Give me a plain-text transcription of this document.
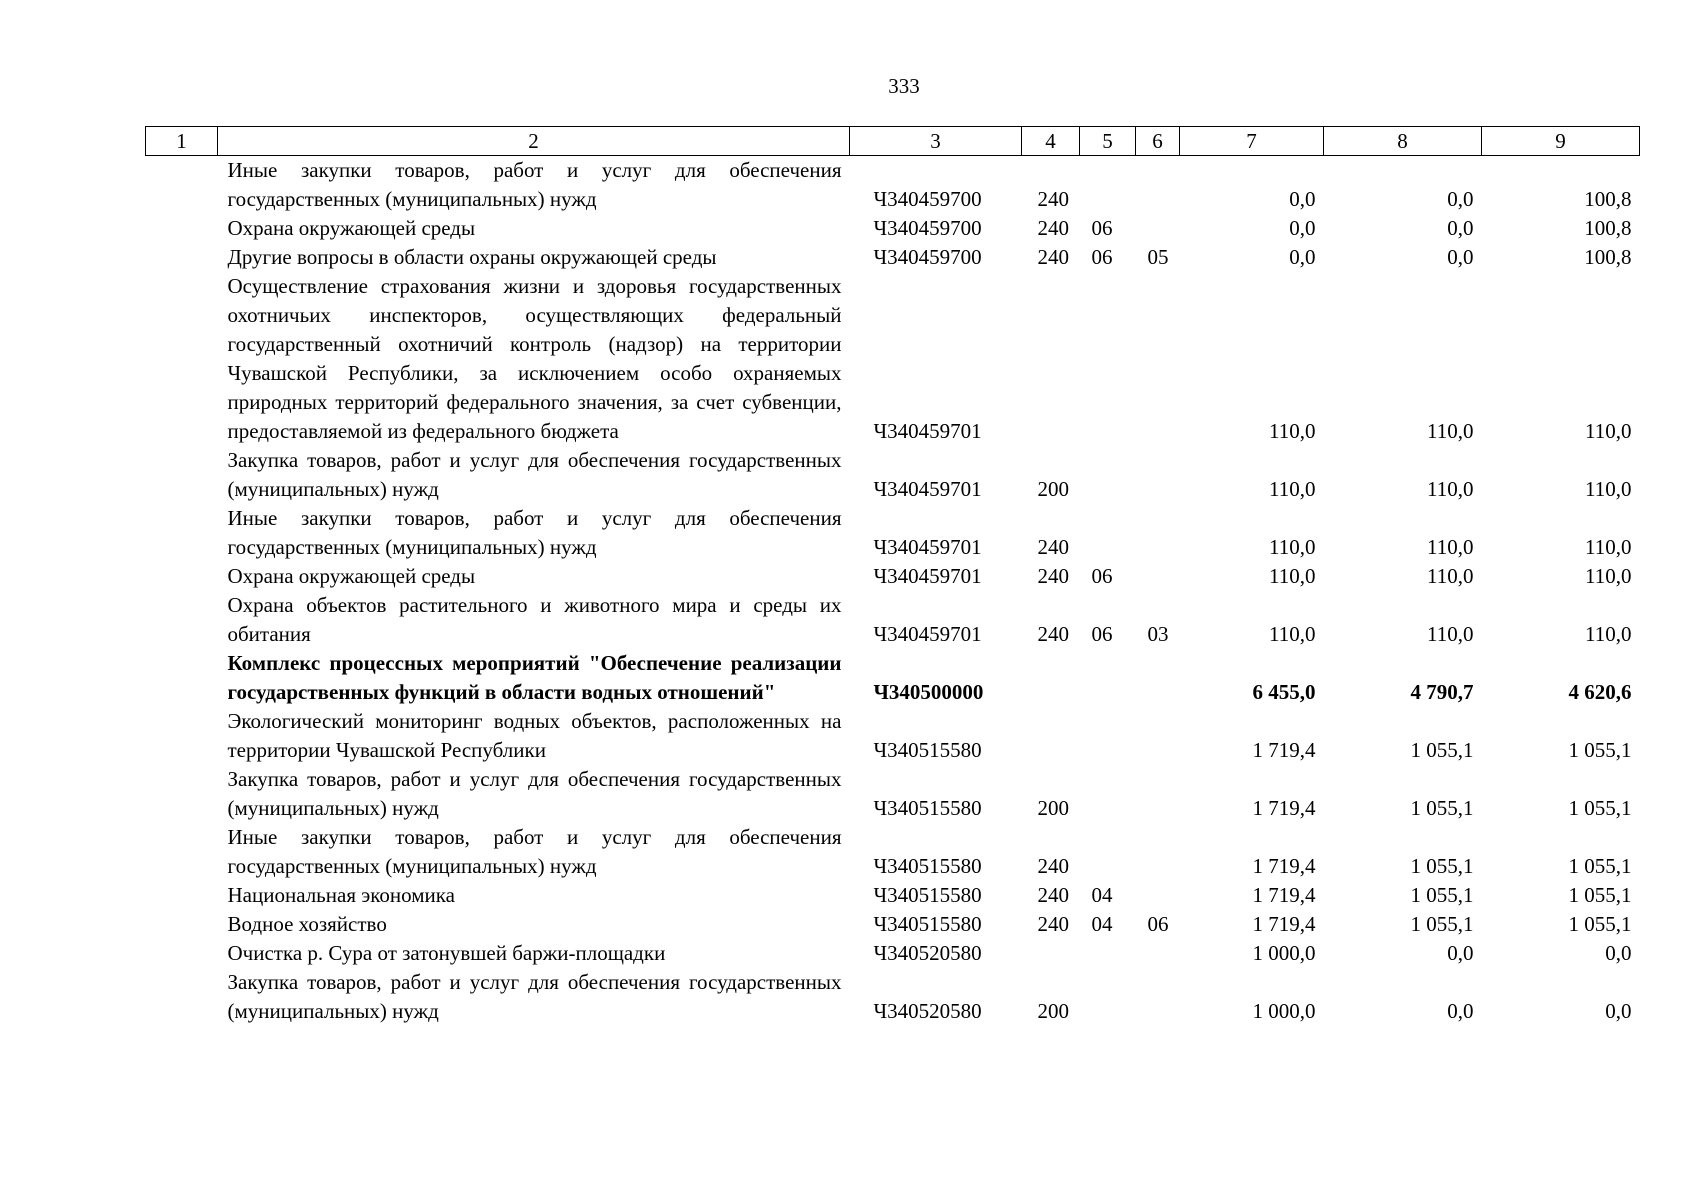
333
1	2	3	4	5	6	7	8	9
	Иные закупки товаров, работ и услуг для обеспечения государственных (муниципальных) нужд	Ч340459700	240			0,0	0,0	100,8
	Охрана окружающей среды	Ч340459700	240	06		0,0	0,0	100,8
	Другие вопросы в области охраны окружающей среды	Ч340459700	240	06	05	0,0	0,0	100,8
	Осуществление страхования жизни и здоровья государственных охотничьих инспекторов, осуществляющих федеральный государственный охотничий контроль (надзор) на территории Чувашской Республики, за исключением особо охраняемых природных территорий федерального значения, за счет субвенции, предоставляемой из федерального бюджета	Ч340459701				110,0	110,0	110,0
	Закупка товаров, работ и услуг для обеспечения государственных (муниципальных) нужд	Ч340459701	200			110,0	110,0	110,0
	Иные закупки товаров, работ и услуг для обеспечения государственных (муниципальных) нужд	Ч340459701	240			110,0	110,0	110,0
	Охрана окружающей среды	Ч340459701	240	06		110,0	110,0	110,0
	Охрана объектов растительного и животного мира и среды их обитания	Ч340459701	240	06	03	110,0	110,0	110,0
	Комплекс процессных мероприятий "Обеспечение реализации государственных функций в области водных отношений"	Ч340500000				6 455,0	4 790,7	4 620,6
	Экологический мониторинг водных объектов, расположенных на территории Чувашской Республики	Ч340515580				1 719,4	1 055,1	1 055,1
	Закупка товаров, работ и услуг для обеспечения государственных (муниципальных) нужд	Ч340515580	200			1 719,4	1 055,1	1 055,1
	Иные закупки товаров, работ и услуг для обеспечения государственных (муниципальных) нужд	Ч340515580	240			1 719,4	1 055,1	1 055,1
	Национальная экономика	Ч340515580	240	04		1 719,4	1 055,1	1 055,1
	Водное хозяйство	Ч340515580	240	04	06	1 719,4	1 055,1	1 055,1
	Очистка р. Сура от затонувшей баржи-площадки	Ч340520580				1 000,0	0,0	0,0
	Закупка товаров, работ и услуг для обеспечения государственных (муниципальных) нужд	Ч340520580	200			1 000,0	0,0	0,0
